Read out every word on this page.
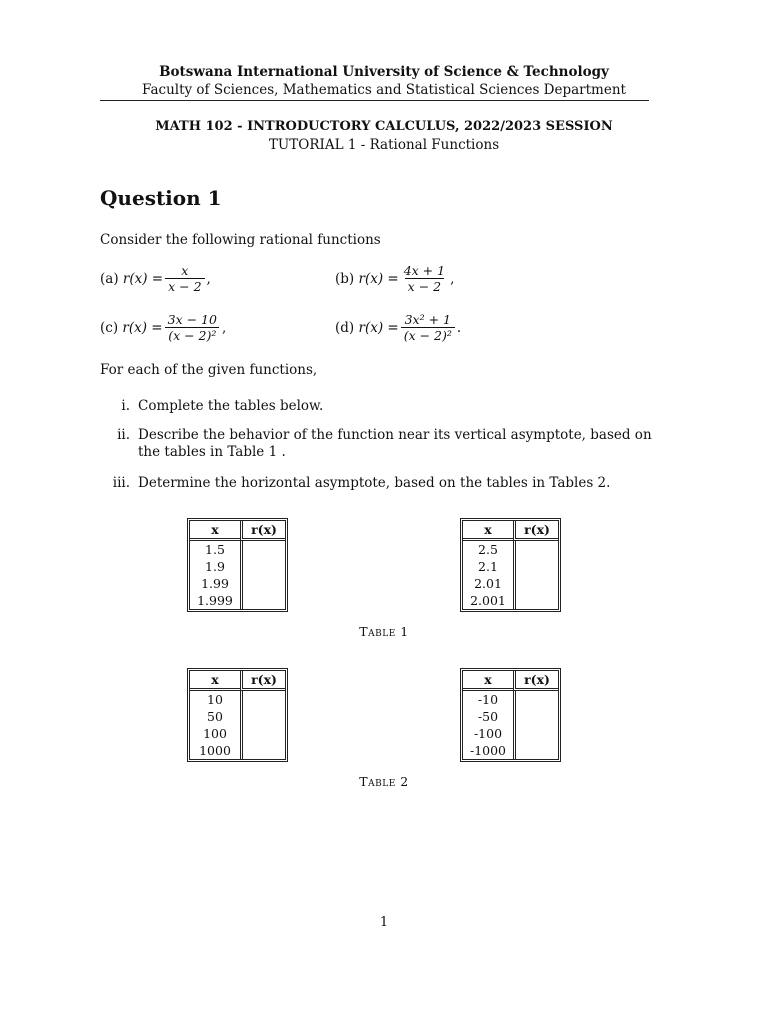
Botswana International University of Science & Technology
Faculty of Sciences, Mathematics and Statistical Sciences Department
MATH 102 - INTRODUCTORY CALCULUS, 2022/2023 SESSION
TUTORIAL 1 - Rational Functions
Question 1
Consider the following rational functions
(a)
$r(x) = \frac{x}{x - 2}$ ,	(b)
$r(x) = \frac{4x + 1}{x - 2}$ ,
(c)
$r(x) = \frac{3x - 10}{\text{(x − 2)²}}$ ,	(d)
$r(x) = \frac{\text{3x² + 1}}{\text{(x − 2)²}}$ .
For each of the given functions,
i. Complete the tables below.
ii. Describe the behavior of the function near its vertical asymptote, based on the tables in Table 1 .
iii. Determine the horizontal asymptote, based on the tables in Tables 2.
x	r(x)
1.5	
1.9	
1.99	
1.999	
x	r(x)
2.5	
2.1	
2.01	
2.001	
Table 1
x	r(x)
10	
50	
100	
1000	
x	r(x)
-10	
-50	
-100	
-1000	
Table 2
1
